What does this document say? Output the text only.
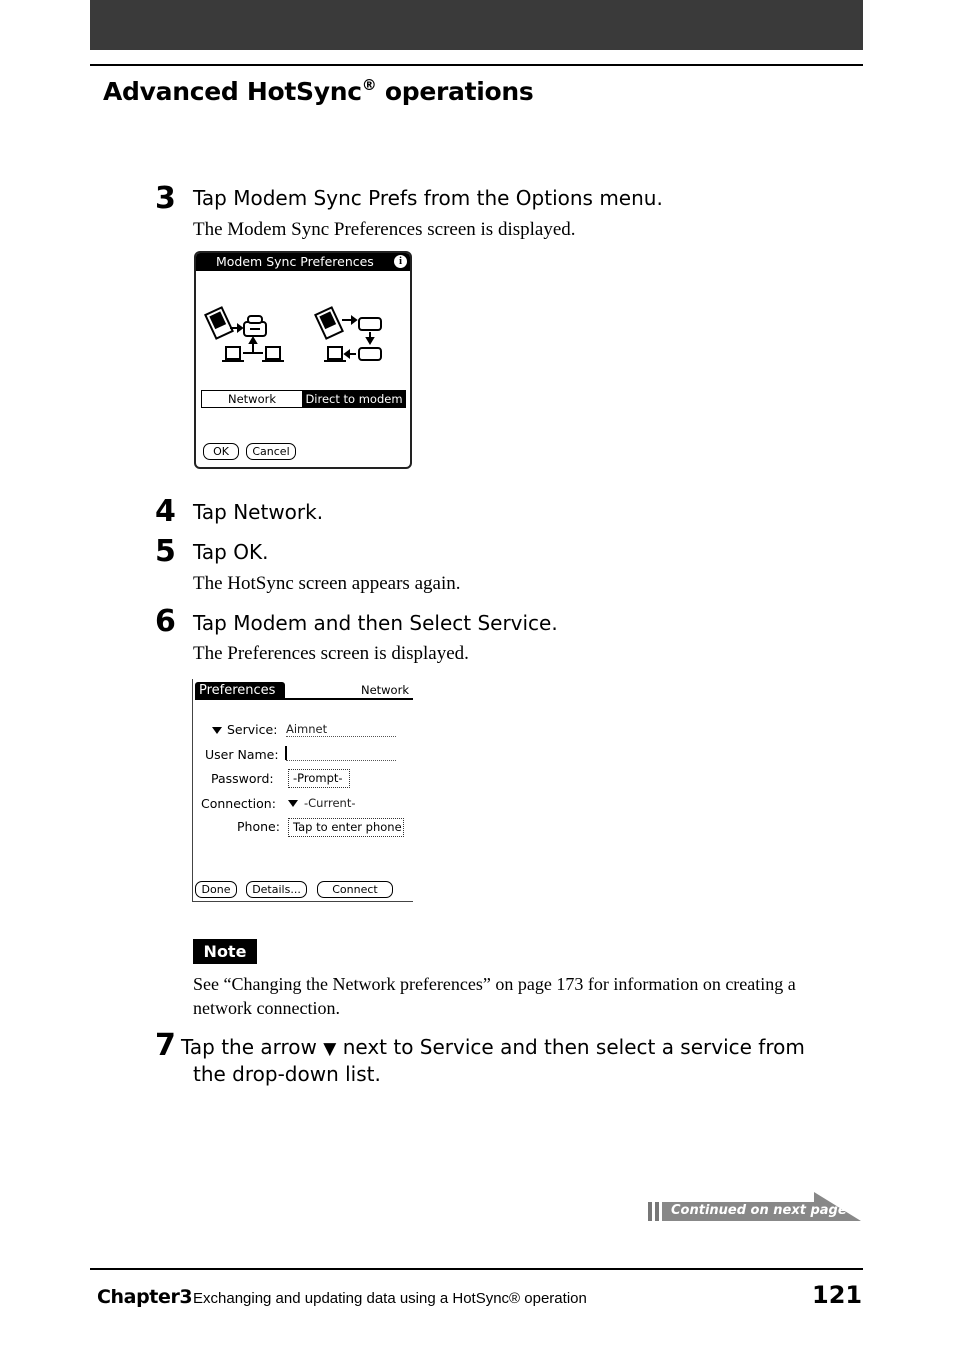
Advanced HotSync® operations
3 Tap Modem Sync Prefs from the Options menu.
The Modem Sync Preferences screen is displayed.
Modem Sync Preferences	i
Network	Direct to modem
OK	Cancel
4 Tap Network.
5 Tap OK.
The HotSync screen appears again.
6 Tap Modem and then Select Service.
The Preferences screen is displayed.
Preferences	Network
Service: Aimnet
User Name:
Password:	-Prompt-
Connection: -Current-
Phone:	Tap to enter phone
Done	Details...	Connect
Note
See “Changing the Network preferences” on page 173 for information on creating a
network connection.
7 Tap the arrow ▼ next to Service and then select a service from
the drop-down list.
Continued on next page
Chapter3 Exchanging and updating data using a HotSync® operation	121
